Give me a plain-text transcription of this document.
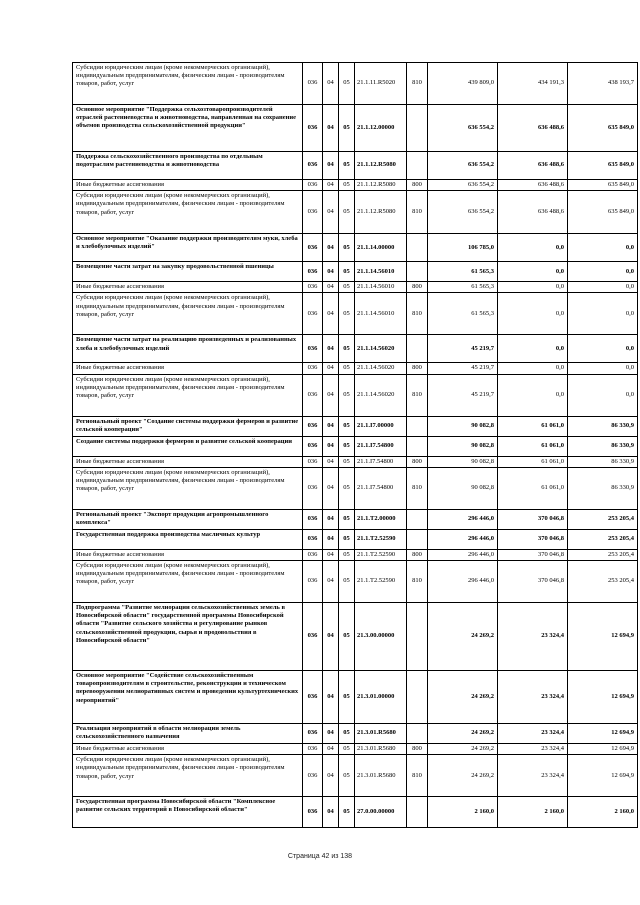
Субсидии юридическим лицам (кроме некоммерческих организаций), индивидуальным предпринимателям, физическим лицам - производителям товаров, работ, услуг	036	04	05	21.1.11.R5020	810	439 809,0	434 191,3	438 193,7
Основное мероприятие "Поддержка сельхозтоваропроизводителей отраслей растениеводства и животноводства, направленная на сохранение объемов производства сельскохозяйственной продукции"	036	04	05	21.1.12.00000		636 554,2	636 488,6	635 849,0
Поддержка сельскохозяйственного производства по отдельным подотраслям растениеводства и животноводства	036	04	05	21.1.12.R5080		636 554,2	636 488,6	635 849,0
Иные бюджетные ассигнования	036	04	05	21.1.12.R5080	800	636 554,2	636 488,6	635 849,0
Субсидии юридическим лицам (кроме некоммерческих организаций), индивидуальным предпринимателям, физическим лицам - производителям товаров, работ, услуг	036	04	05	21.1.12.R5080	810	636 554,2	636 488,6	635 849,0
Основное мероприятие "Оказание поддержки производителям муки, хлеба и хлебобулочных изделий"	036	04	05	21.1.14.00000		106 785,0	0,0	0,0
Возмещение части затрат на закупку продовольственной пшеницы	036	04	05	21.1.14.56010		61 565,3	0,0	0,0
Иные бюджетные ассигнования	036	04	05	21.1.14.56010	800	61 565,3	0,0	0,0
Субсидии юридическим лицам (кроме некоммерческих организаций), индивидуальным предпринимателям, физическим лицам - производителям товаров, работ, услуг	036	04	05	21.1.14.56010	810	61 565,3	0,0	0,0
Возмещение части затрат на реализацию произведенных и реализованных хлеба и хлебобулочных изделий	036	04	05	21.1.14.56020		45 219,7	0,0	0,0
Иные бюджетные ассигнования	036	04	05	21.1.14.56020	800	45 219,7	0,0	0,0
Субсидии юридическим лицам (кроме некоммерческих организаций), индивидуальным предпринимателям, физическим лицам - производителям товаров, работ, услуг	036	04	05	21.1.14.56020	810	45 219,7	0,0	0,0
Региональный проект "Создание системы поддержки фермеров и развитие сельской кооперации"	036	04	05	21.1.I7.00000		90 082,8	61 061,0	86 330,9
Создание системы поддержки фермеров и развитие сельской кооперации	036	04	05	21.1.I7.54800		90 082,8	61 061,0	86 330,9
Иные бюджетные ассигнования	036	04	05	21.1.I7.54800	800	90 082,8	61 061,0	86 330,9
Субсидии юридическим лицам (кроме некоммерческих организаций), индивидуальным предпринимателям, физическим лицам - производителям товаров, работ, услуг	036	04	05	21.1.I7.54800	810	90 082,8	61 061,0	86 330,9
Региональный проект "Экспорт продукции агропромышленного комплекса"	036	04	05	21.1.T2.00000		296 446,0	370 046,8	253 205,4
Государственная поддержка производства масличных культур	036	04	05	21.1.T2.52590		296 446,0	370 046,8	253 205,4
Иные бюджетные ассигнования	036	04	05	21.1.T2.52590	800	296 446,0	370 046,8	253 205,4
Субсидии юридическим лицам (кроме некоммерческих организаций), индивидуальным предпринимателям, физическим лицам - производителям товаров, работ, услуг	036	04	05	21.1.T2.52590	810	296 446,0	370 046,8	253 205,4
Подпрограмма "Развитие мелиорации сельскохозяйственных земель в Новосибирской области" государственной программы Новосибирской области "Развитие сельского хозяйства и регулирование рынков сельскохозяйственной продукции, сырья и продовольствия в Новосибирской области"	036	04	05	21.3.00.00000		24 269,2	23 324,4	12 694,9
Основное мероприятие "Содействие сельскохозяйственным товаропроизводителям в строительстве, реконструкции и техническом перевооружении мелиоративных систем и проведении культуртехнических мероприятий"	036	04	05	21.3.01.00000		24 269,2	23 324,4	12 694,9
Реализация мероприятий в области мелиорации земель сельскохозяйственного назначения	036	04	05	21.3.01.R5680		24 269,2	23 324,4	12 694,9
Иные бюджетные ассигнования	036	04	05	21.3.01.R5680	800	24 269,2	23 324,4	12 694,9
Субсидии юридическим лицам (кроме некоммерческих организаций), индивидуальным предпринимателям, физическим лицам - производителям товаров, работ, услуг	036	04	05	21.3.01.R5680	810	24 269,2	23 324,4	12 694,9
Государственная программа Новосибирской области "Комплексное развитие сельских территорий в Новосибирской области"	036	04	05	27.0.00.00000		2 160,0	2 160,0	2 160,0
Страница 42 из 138
